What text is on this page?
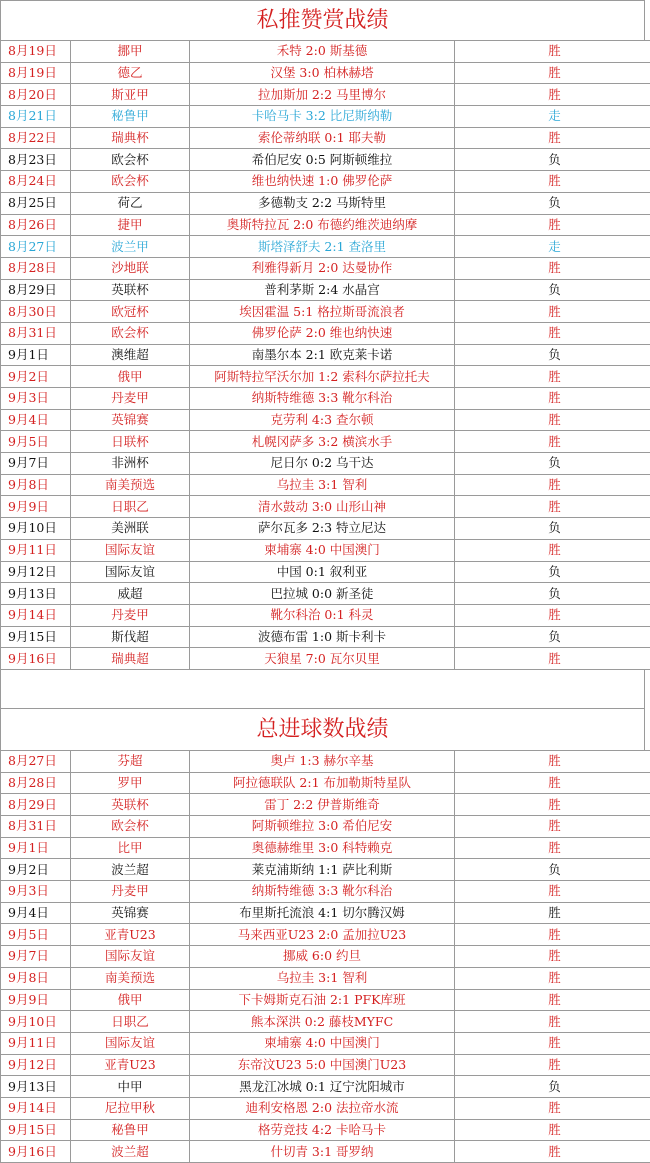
私推赞赏战绩
8月19日	挪甲	禾特 2:0 斯基德	胜
8月19日	德乙	汉堡 3:0 柏林赫塔	胜
8月20日	斯亚甲	拉加斯加 2:2 马里博尔	胜
8月21日	秘鲁甲	卡哈马卡 3:2 比尼斯纳勒	走
8月22日	瑞典杯	索伦蒂纳联 0:1 耶夫勒	胜
8月23日	欧会杯	希伯尼安 0:5 阿斯顿维拉	负
8月24日	欧会杯	维也纳快速 1:0 佛罗伦萨	胜
8月25日	荷乙	多德勒支 2:2 马斯特里	负
8月26日	捷甲	奥斯特拉瓦 2:0 布德约维茨迪纳摩	胜
8月27日	波兰甲	斯塔泽舒夫 2:1 查洛里	走
8月28日	沙地联	利雅得新月 2:0 达曼协作	胜
8月29日	英联杯	普利茅斯 2:4 水晶宫	负
8月30日	欧冠杯	埃因霍温 5:1 格拉斯哥流浪者	胜
8月31日	欧会杯	佛罗伦萨 2:0 维也纳快速	胜
9月1日	澳维超	南墨尔本 2:1 欧克莱卡诺	负
9月2日	俄甲	阿斯特拉罕沃尔加 1:2 索科尔萨拉托夫	胜
9月3日	丹麦甲	纳斯特维德 3:3 靴尔科治	胜
9月4日	英锦赛	克劳利 4:3 查尔顿	胜
9月5日	日联杯	札幌冈萨多 3:2 横滨水手	胜
9月7日	非洲杯	尼日尔 0:2 乌干达	负
9月8日	南美预选	乌拉圭 3:1 智利	胜
9月9日	日职乙	清水鼓动 3:0 山形山神	胜
9月10日	美洲联	萨尔瓦多 2:3 特立尼达	负
9月11日	国际友谊	柬埔寨 4:0 中国澳门	胜
9月12日	国际友谊	中国 0:1 叙利亚	负
9月13日	威超	巴拉城 0:0 新圣徒	负
9月14日	丹麦甲	靴尔科治 0:1 科灵	胜
9月15日	斯伐超	波德布雷 1:0 斯卡利卡	负
9月16日	瑞典超	天狼星 7:0 瓦尔贝里	胜
总进球数战绩
8月27日	芬超	奥卢 1:3 赫尔辛基	胜
8月28日	罗甲	阿拉德联队 2:1 布加勒斯特星队	胜
8月29日	英联杯	雷丁 2:2 伊普斯维奇	胜
8月31日	欧会杯	阿斯顿维拉 3:0 希伯尼安	胜
9月1日	比甲	奥德赫维里 3:0 科特赖克	胜
9月2日	波兰超	莱克浦斯纳 1:1 萨比利斯	负
9月3日	丹麦甲	纳斯特维德 3:3 靴尔科治	胜
9月4日	英锦赛	布里斯托流浪 4:1 切尔腾汉姆	胜
9月5日	亚青U23	马来西亚U23 2:0 孟加拉U23	胜
9月7日	国际友谊	挪威 6:0 约旦	胜
9月8日	南美预选	乌拉圭 3:1 智利	胜
9月9日	俄甲	下卡姆斯克石油 2:1 PFK库班	胜
9月10日	日职乙	熊本深洪 0:2 藤枝MYFC	胜
9月11日	国际友谊	柬埔寨 4:0 中国澳门	胜
9月12日	亚青U23	东帝汶U23 5:0 中国澳门U23	胜
9月13日	中甲	黑龙江冰城 0:1 辽宁沈阳城市	负
9月14日	尼拉甲秋	迪利安格恩 2:0 法拉帝水流	胜
9月15日	秘鲁甲	格劳竞技 4:2 卡哈马卡	胜
9月16日	波兰超	什切青 3:1 哥罗纳	胜
